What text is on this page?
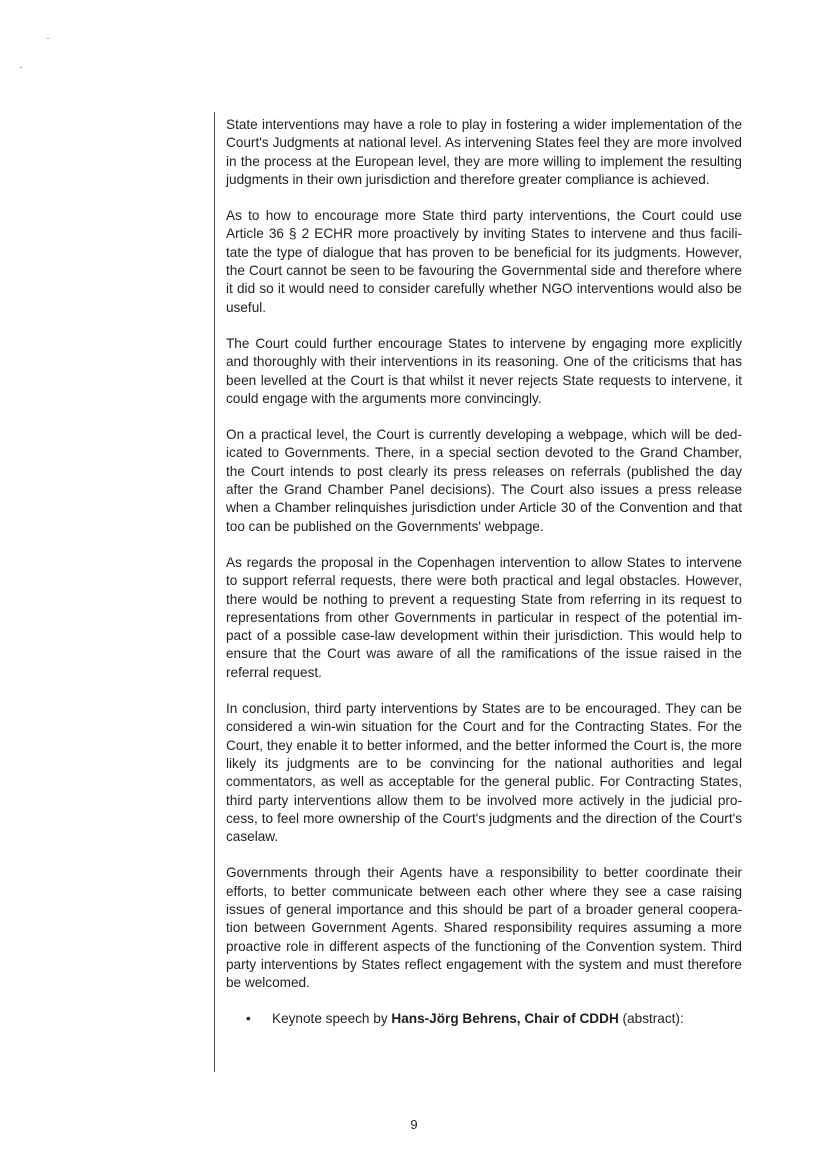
State interventions may have a role to play in fostering a wider implementation of the Court's Judgments at national level. As intervening States feel they are more involved in the process at the European level, they are more willing to implement the resulting judgments in their own jurisdiction and therefore greater compliance is achieved.

As to how to encourage more State third party interventions, the Court could use Article 36 § 2 ECHR more proactively by inviting States to intervene and thus facilitate the type of dialogue that has proven to be beneficial for its judgments. However, the Court cannot be seen to be favouring the Governmental side and therefore where it did so it would need to consider carefully whether NGO interventions would also be useful.

The Court could further encourage States to intervene by engaging more explicitly and thoroughly with their interventions in its reasoning. One of the criticisms that has been levelled at the Court is that whilst it never rejects State requests to intervene, it could engage with the arguments more convincingly.

On a practical level, the Court is currently developing a webpage, which will be dedicated to Governments. There, in a special section devoted to the Grand Chamber, the Court intends to post clearly its press releases on referrals (published the day after the Grand Chamber Panel decisions). The Court also issues a press release when a Chamber relinquishes jurisdiction under Article 30 of the Convention and that too can be published on the Governments' webpage.

As regards the proposal in the Copenhagen intervention to allow States to intervene to support referral requests, there were both practical and legal obstacles. However, there would be nothing to prevent a requesting State from referring in its request to representations from other Governments in particular in respect of the potential impact of a possible case-law development within their jurisdiction. This would help to ensure that the Court was aware of all the ramifications of the issue raised in the referral request.

In conclusion, third party interventions by States are to be encouraged. They can be considered a win-win situation for the Court and for the Contracting States. For the Court, they enable it to better informed, and the better informed the Court is, the more likely its judgments are to be convincing for the national authorities and legal commentators, as well as acceptable for the general public. For Contracting States, third party interventions allow them to be involved more actively in the judicial process, to feel more ownership of the Court's judgments and the direction of the Court's caselaw.

Governments through their Agents have a responsibility to better coordinate their efforts, to better communicate between each other where they see a case raising issues of general importance and this should be part of a broader general cooperation between Government Agents. Shared responsibility requires assuming a more proactive role in different aspects of the functioning of the Convention system. Third party interventions by States reflect engagement with the system and must therefore be welcomed.

•	Keynote speech by Hans-Jörg Behrens, Chair of CDDH (abstract):
9
